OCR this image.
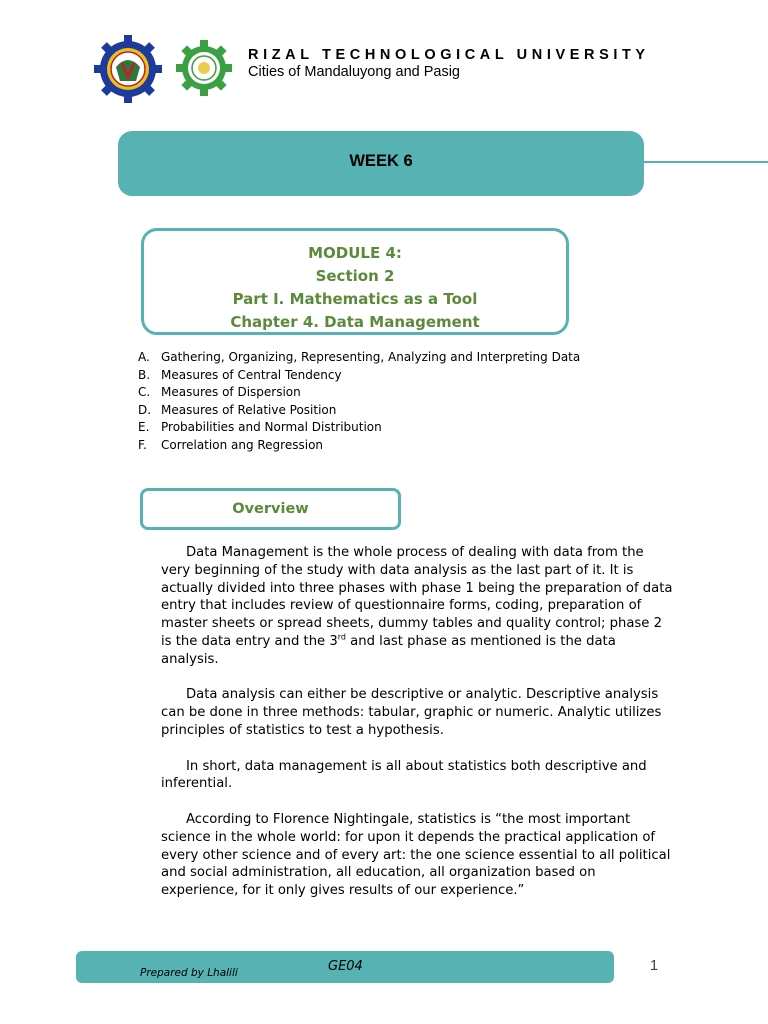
RIZAL TECHNOLOGICAL UNIVERSITY
Cities of Mandaluyong and Pasig
WEEK 6
MODULE 4:
Section 2
Part I. Mathematics as a Tool
Chapter 4. Data Management
A. Gathering, Organizing, Representing, Analyzing and Interpreting Data
B. Measures of Central Tendency
C. Measures of Dispersion
D. Measures of Relative Position
E. Probabilities and Normal Distribution
F.	Correlation ang Regression
Overview

Data Management is the whole process of dealing with data from the very beginning of the study with data analysis as the last part of it. It is actually divided into three phases with phase 1 being the preparation of data entry that includes review of questionnaire forms, coding, preparation of master sheets or spread sheets, dummy tables and quality control; phase 2 is the data entry and the 3rd and last phase as mentioned is the data analysis.

Data analysis can either be descriptive or analytic. Descriptive analysis can be done in three methods: tabular, graphic or numeric. Analytic utilizes principles of statistics to test a hypothesis.

In short, data management is all about statistics both descriptive and inferential.

According to Florence Nightingale, statistics is “the most important science in the whole world: for upon it depends the practical application of every other science and of every art: the one science essential to all political and social administration, all education, all organization based on experience, for it only gives results of our experience.”

Prepared by Lhalili	GE04	1
